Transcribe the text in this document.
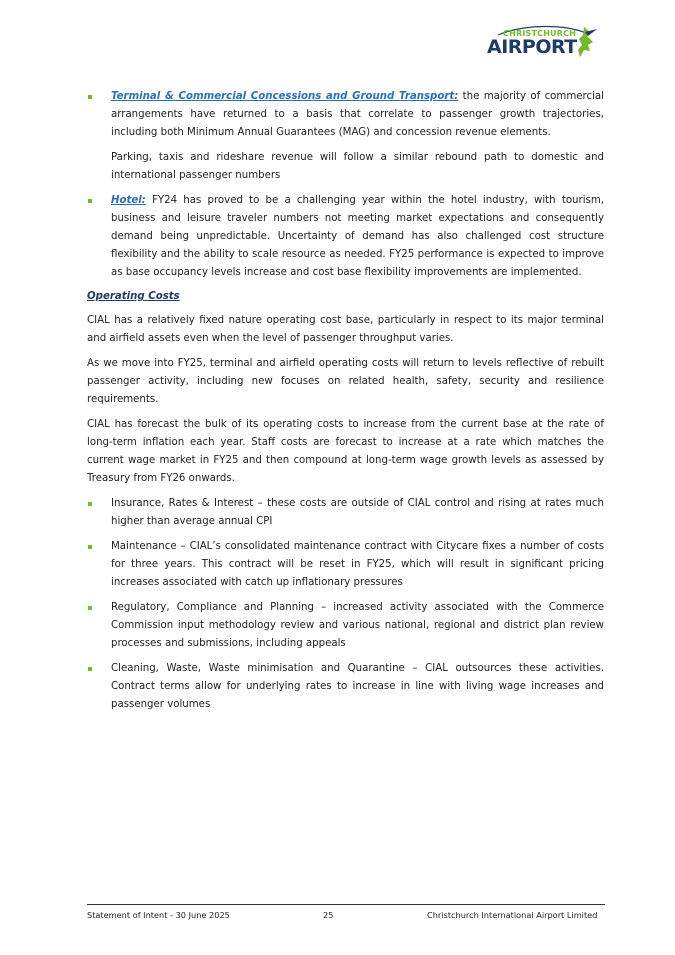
CHRISTCHURCH
AIRPORT

Terminal & Commercial Concessions and Ground Transport: the majority of commercial arrangements have returned to a basis that correlate to passenger growth trajectories, including both Minimum Annual Guarantees (MAG) and concession revenue elements.

Parking, taxis and rideshare revenue will follow a similar rebound path to domestic and international passenger numbers

Hotel: FY24 has proved to be a challenging year within the hotel industry, with tourism, business and leisure traveler numbers not meeting market expectations and consequently demand being unpredictable. Uncertainty of demand has also challenged cost structure flexibility and the ability to scale resource as needed. FY25 performance is expected to improve as base occupancy levels increase and cost base flexibility improvements are implemented.

Operating Costs

CIAL has a relatively fixed nature operating cost base, particularly in respect to its major terminal and airfield assets even when the level of passenger throughput varies.

As we move into FY25, terminal and airfield operating costs will return to levels reflective of rebuilt passenger activity, including new focuses on related health, safety, security and resilience requirements.

CIAL has forecast the bulk of its operating costs to increase from the current base at the rate of long-term inflation each year. Staff costs are forecast to increase at a rate which matches the current wage market in FY25 and then compound at long-term wage growth levels as assessed by Treasury from FY26 onwards.

Insurance, Rates & Interest – these costs are outside of CIAL control and rising at rates much higher than average annual CPI

Maintenance – CIAL’s consolidated maintenance contract with Citycare fixes a number of costs for three years. This contract will be reset in FY25, which will result in significant pricing increases associated with catch up inflationary pressures

Regulatory, Compliance and Planning – increased activity associated with the Commerce Commission input methodology review and various national, regional and district plan review processes and submissions, including appeals

Cleaning, Waste, Waste minimisation and Quarantine – CIAL outsources these activities. Contract terms allow for underlying rates to increase in line with living wage increases and passenger volumes

Statement of Intent - 30 June 2025	25	Christchurch International Airport Limited
